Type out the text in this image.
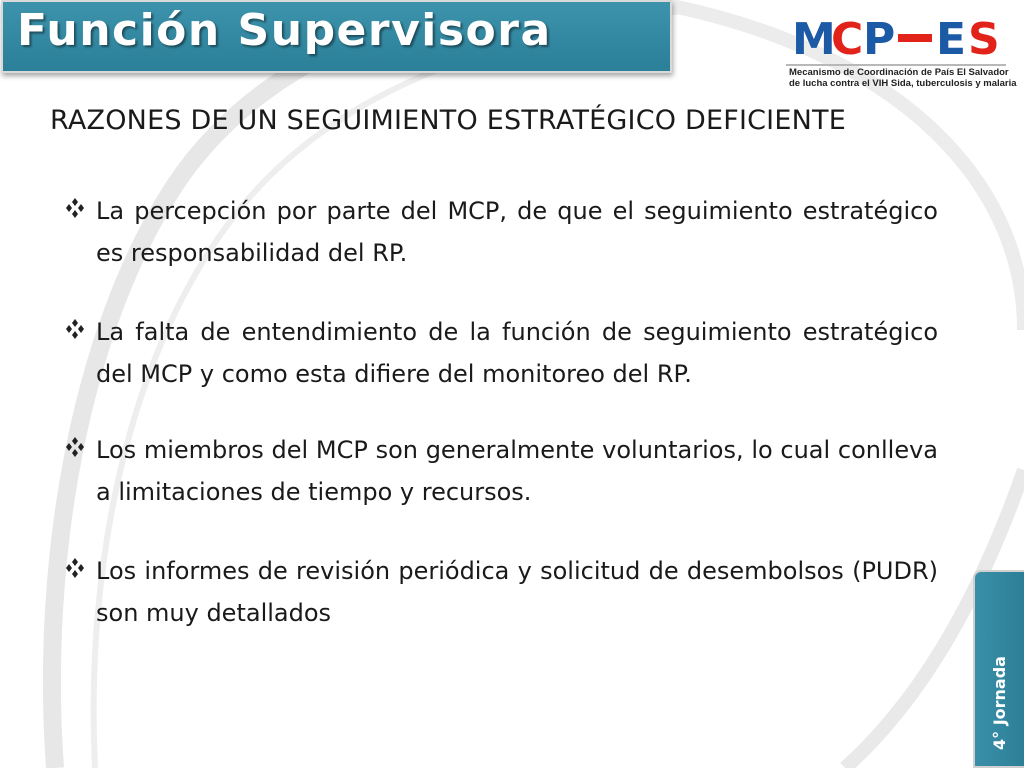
Función Supervisora	M
C P E S
Mecanismo de Coordinación de País El Salvador
de lucha contra el VIH Sida, tuberculosis y malaria
RAZONES DE UN SEGUIMIENTO ESTRATÉGICO DEFICIENTE
La percepción por parte del MCP, de que el seguimiento estratégico es responsabilidad del RP.
La falta de entendimiento de la función de seguimiento estratégico del MCP y como esta difiere del monitoreo del RP.
Los miembros del MCP son generalmente voluntarios, lo cual conlleva a limitaciones de tiempo y recursos.
Los informes de revisión periódica y solicitud de desembolsos (PUDR) son muy detallados
4° Jornada
